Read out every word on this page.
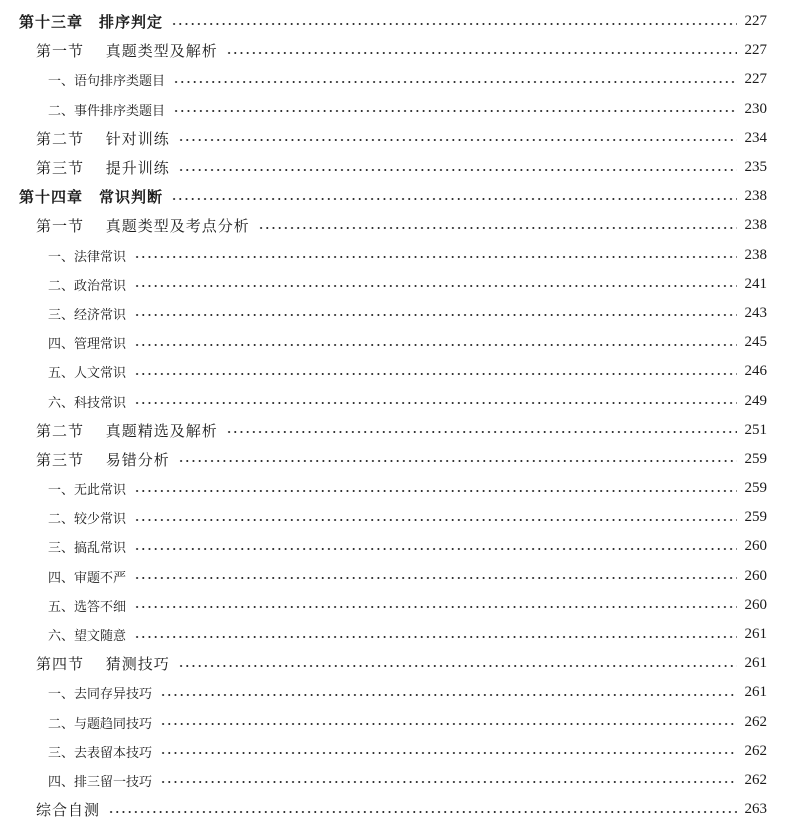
第十三章　排序判定	227
第一节　 真题类型及解析	227
一、语句排序类题目	227
二、事件排序类题目	230
第二节　 针对训练	234
第三节　 提升训练	235
第十四章　常识判断	238
第一节　 真题类型及考点分析	238
一、法律常识	238
二、政治常识	241
三、经济常识	243
四、管理常识	245
五、人文常识	246
六、科技常识	249
第二节　 真题精选及解析	251
第三节　 易错分析	259
一、无此常识	259
二、较少常识	259
三、搞乱常识	260
四、审题不严	260
五、选答不细	260
六、望文随意	261
第四节　 猜测技巧	261
一、去同存异技巧	261
二、与题趋同技巧	262
三、去表留本技巧	262
四、排三留一技巧	262
综合自测	263
